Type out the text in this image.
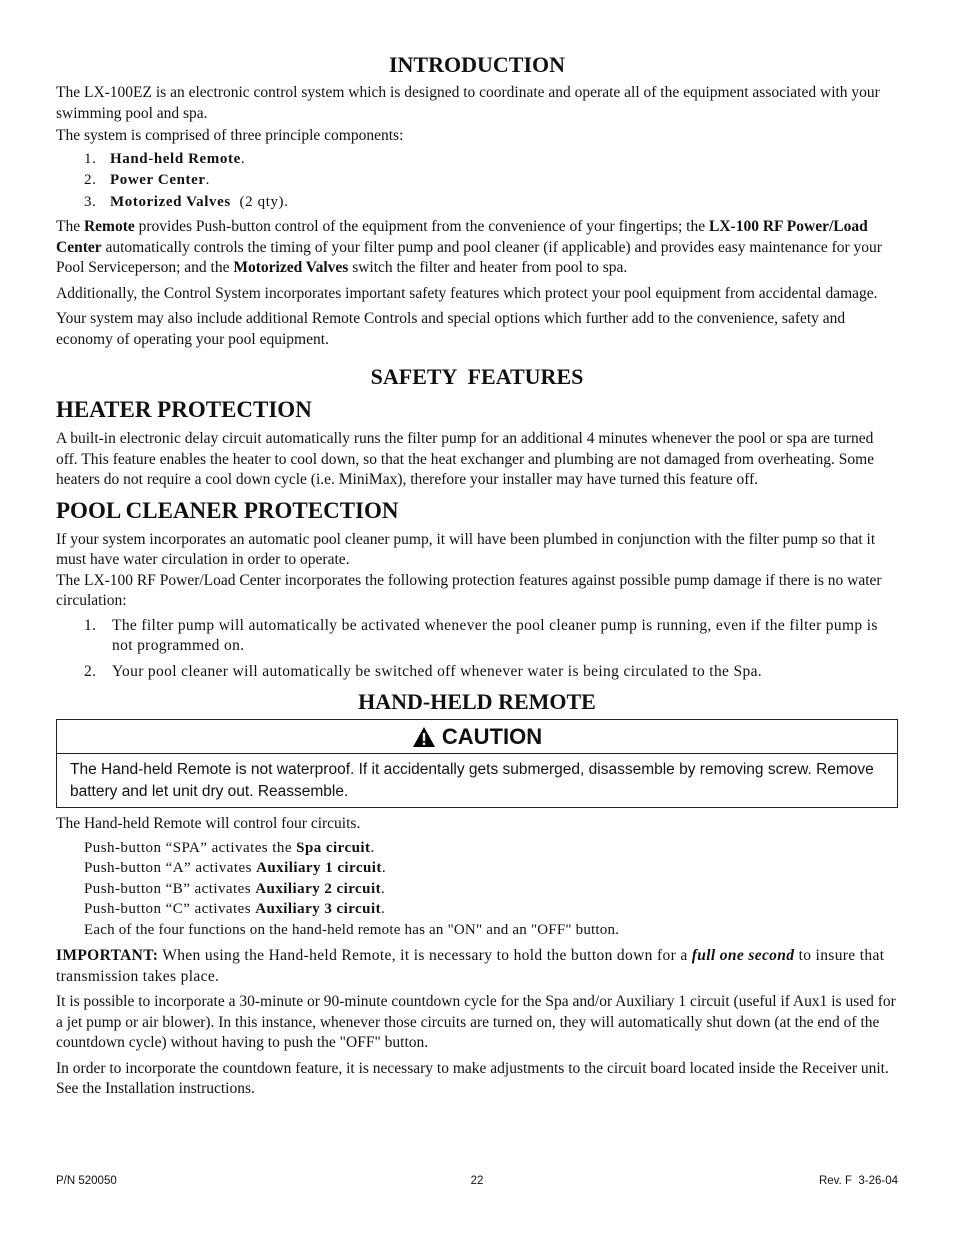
INTRODUCTION

The LX-100EZ is an electronic control system which is designed to coordinate and operate all of the equipment associated with your swimming pool and spa.

The system is comprised of three principle components:

1. Hand-held Remote.
2. Power Center.
3. Motorized Valves  (2 qty).

The Remote provides Push-button control of the equipment from the convenience of your fingertips; the LX-100 RF Power/Load Center automatically controls the timing of your filter pump and pool cleaner (if applicable) and provides easy maintenance for your Pool Serviceperson; and the Motorized Valves switch the filter and heater from pool to spa.

Additionally, the Control System incorporates important safety features which protect your pool equipment from accidental damage.

Your system may also include additional Remote Controls and special options which further add to the convenience, safety and economy of operating your pool equipment.

SAFETY  FEATURES
HEATER PROTECTION

A built-in electronic delay circuit automatically runs the filter pump for an additional 4 minutes whenever the pool or spa are turned off. This feature enables the heater to cool down, so that the heat exchanger and plumbing are not damaged from overheating. Some heaters do not require a cool down cycle (i.e. MiniMax), therefore your installer may have turned this feature off.

POOL CLEANER PROTECTION

If your system incorporates an automatic pool cleaner pump, it will have been plumbed in conjunction with the filter pump so that it must have water circulation in order to operate.

The LX-100 RF Power/Load Center incorporates the following protection features against possible pump damage if there is no water circulation:

1. The filter pump will automatically be activated whenever the pool cleaner pump is running, even if the filter pump is not programmed on.
2. Your pool cleaner will automatically be switched off whenever water is being circulated to the Spa.
HAND-HELD REMOTE
CAUTION
The Hand-held Remote is not waterproof. If it accidentally gets submerged, disassemble by removing screw. Remove battery and let unit dry out. Reassemble.

The Hand-held Remote will control four circuits.

Push-button “SPA” activates the Spa circuit.
Push-button “A” activates Auxiliary 1 circuit.
Push-button “B” activates Auxiliary 2 circuit.
Push-button “C” activates Auxiliary 3 circuit.
Each of the four functions on the hand-held remote has an "ON" and an "OFF" button.

IMPORTANT: When using the Hand-held Remote, it is necessary to hold the button down for a full one second to insure that transmission takes place.

It is possible to incorporate a 30-minute or 90-minute countdown cycle for the Spa and/or Auxiliary 1 circuit (useful if Aux1 is used for a jet pump or air blower). In this instance, whenever those circuits are turned on, they will automatically shut down (at the end of the countdown cycle) without having to push the "OFF" button.

In order to incorporate the countdown feature, it is necessary to make adjustments to the circuit board located inside the Receiver unit. See the Installation instructions.

P/N 520050	22	Rev. F  3-26-04
